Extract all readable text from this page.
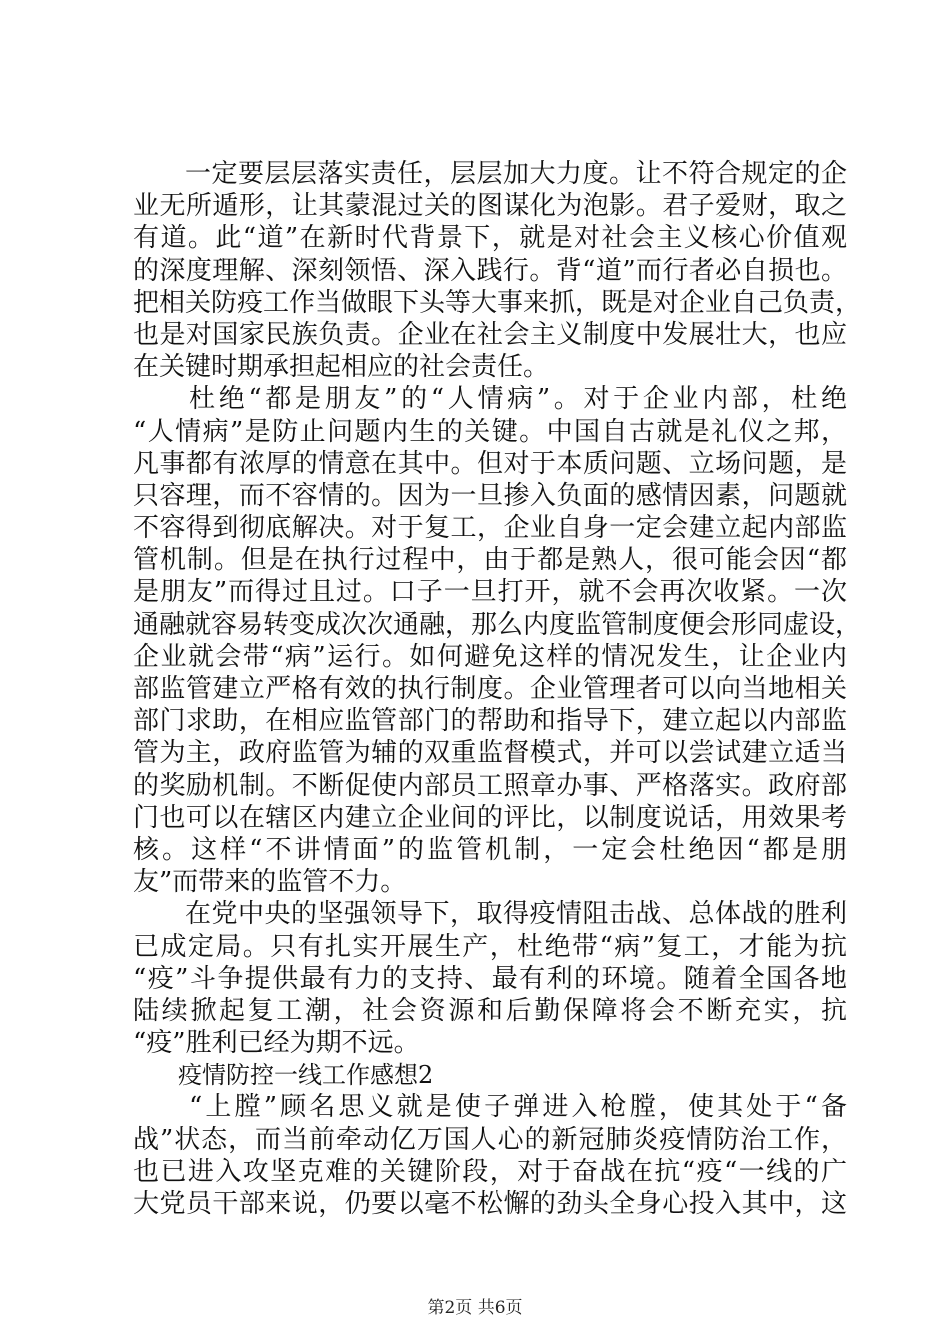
一定要层层落实责任，层层加大力度。让不符合规定的企
业无所遁形，让其蒙混过关的图谋化为泡影。君子爱财，取之
有道。此“道”在新时代背景下，就是对社会主义核心价值观
的深度理解、深刻领悟、深入践行。背“道”而行者必自损也。
把相关防疫工作当做眼下头等大事来抓，既是对企业自己负责，
也是对国家民族负责。企业在社会主义制度中发展壮大，也应
在关键时期承担起相应的社会责任。
杜绝“都是朋友”的“人情病”。对于企业内部，杜绝
“人情病”是防止问题内生的关键。中国自古就是礼仪之邦，
凡事都有浓厚的情意在其中。但对于本质问题、立场问题，是
只容理，而不容情的。因为一旦掺入负面的感情因素，问题就
不容得到彻底解决。对于复工，企业自身一定会建立起内部监
管机制。但是在执行过程中，由于都是熟人，很可能会因“都
是朋友”而得过且过。口子一旦打开，就不会再次收紧。一次
通融就容易转变成次次通融，那么内度监管制度便会形同虚设，
企业就会带“病”运行。如何避免这样的情况发生，让企业内
部监管建立严格有效的执行制度。企业管理者可以向当地相关
部门求助，在相应监管部门的帮助和指导下，建立起以内部监
管为主，政府监管为辅的双重监督模式，并可以尝试建立适当
的奖励机制。不断促使内部员工照章办事、严格落实。政府部
门也可以在辖区内建立企业间的评比，以制度说话，用效果考
核。这样“不讲情面”的监管机制，一定会杜绝因“都是朋
友”而带来的监管不力。
在党中央的坚强领导下，取得疫情阻击战、总体战的胜利
已成定局。只有扎实开展生产，杜绝带“病”复工，才能为抗
“疫”斗争提供最有力的支持、最有利的环境。随着全国各地
陆续掀起复工潮，社会资源和后勤保障将会不断充实，抗
“疫”胜利已经为期不远。
疫情防控一线工作感想2
“上膛”顾名思义就是使子弹进入枪膛，使其处于“备
战”状态，而当前牵动亿万国人心的新冠肺炎疫情防治工作，
也已进入攻坚克难的关键阶段，对于奋战在抗“疫“一线的广
大党员干部来说，仍要以毫不松懈的劲头全身心投入其中，这
第2页 共6页
